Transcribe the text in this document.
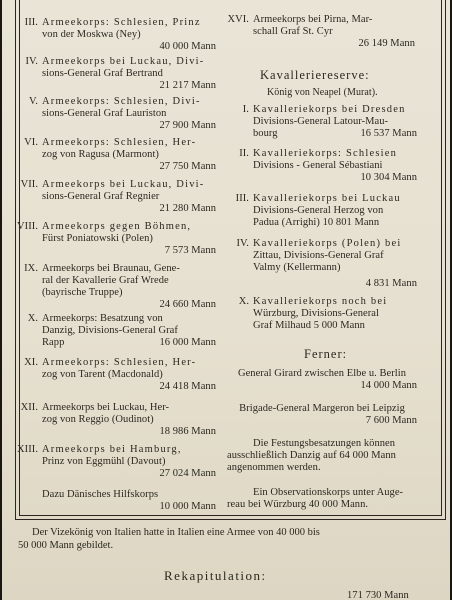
III. Armeekorps: Schlesien, Prinz
von der Moskwa (Ney)
40 000 Mann
IV. Armeekorps bei Luckau, Divi-
sions-General Graf Bertrand
21 217 Mann
V. Armeekorps: Schlesien, Divi-
sions-General Graf Lauriston
27 900 Mann
VI. Armeekorps: Schlesien, Her-
zog von Ragusa (Marmont)
27 750 Mann
VII. Armeekorps bei Luckau, Divi-
sions-General Graf Regnier
21 280 Mann
VIII. Armeekorps gegen Böhmen,
Fürst Poniatowski (Polen)
7 573 Mann
IX. Armeekorps bei Braunau, Gene-
ral der Kavallerie Graf Wrede
(bayrische Truppe)
24 660 Mann
X. Armeekorps: Besatzung von
Danzig, Divisions-General Graf
Rapp	16 000 Mann
XI. Armeekorps: Schlesien, Her-
zog von Tarent (Macdonald)
24 418 Mann
XII. Armeekorps bei Luckau, Her-
zog von Reggio (Oudinot)
18 986 Mann
XIII. Armeekorps bei Hamburg,
Prinz von Eggmühl (Davout)
27 024 Mann
Dazu Dänisches Hilfskorps
10 000 Mann
XVI. Armeekorps bei Pirna, Mar-
schall Graf St. Cyr
26 149 Mann
Kavalleriereserve:
König von Neapel (Murat).
I. Kavalleriekorps bei Dresden
Divisions-General Latour-Mau-
bourg	16 537 Mann
II. Kavalleriekorps: Schlesien
Divisions - General Sébastiani
10 304 Mann
III. Kavalleriekorps bei Luckau
Divisions-General Herzog von
Padua (Arrighi) 10 801 Mann
IV. Kavalleriekorps (Polen) bei
Zittau, Divisions-General Graf
Valmy (Kellermann)
4 831 Mann
X. Kavalleriekorps noch bei
Würzburg, Divisions-General
Graf Milhaud 5 000 Mann
Ferner:
General Girard zwischen Elbe u. Berlin
14 000 Mann
Brigade-General Margeron bei Leipzig
7 600 Mann
Die Festungsbesatzungen können
ausschließlich Danzig auf 64 000 Mann
angenommen werden.
Ein Observationskorps unter Auge-
reau bei Würzburg 40 000 Mann.
Der Vizekönig von Italien hatte in Italien eine Armee von 40 000 bis
50 000 Mann gebildet.
Rekapitulation:
171 730 Mann
